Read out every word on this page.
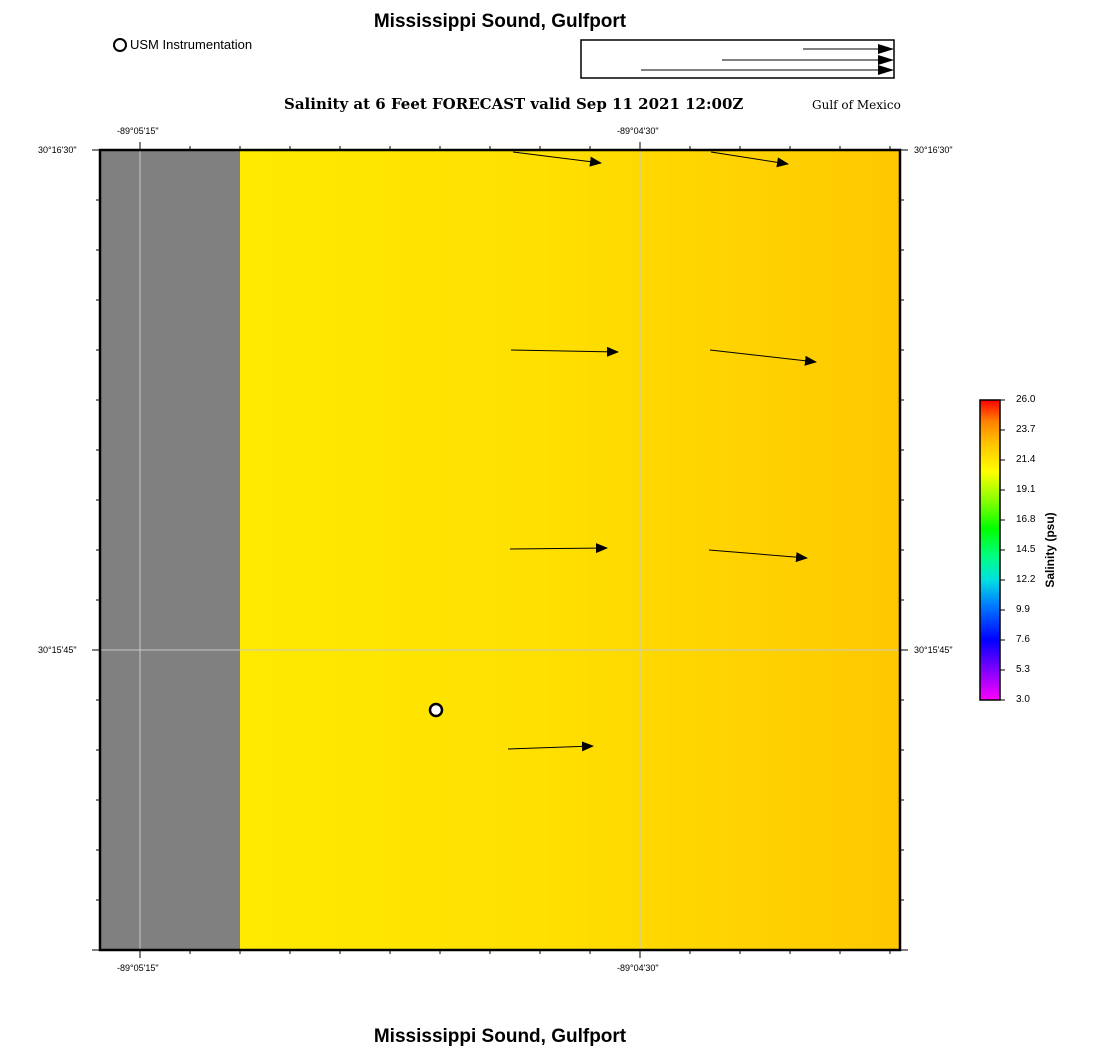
Mississippi Sound, Gulfport
Mississippi Sound, Gulfport
USM Instrumentation
Salinity at 6 Feet FORECAST valid Sep 11 2021 12:00Z	Gulf of Mexico
-89°05'15"	-89°04'30"
-89°05'15"	-89°04'30"
30°16'30"
30°15'45"
30°16'30"
30°15'45"
26.0
23.7
21.4
19.1
16.8
14.5
12.2
9.9
7.6
5.3
3.0
Salinity (psu)
